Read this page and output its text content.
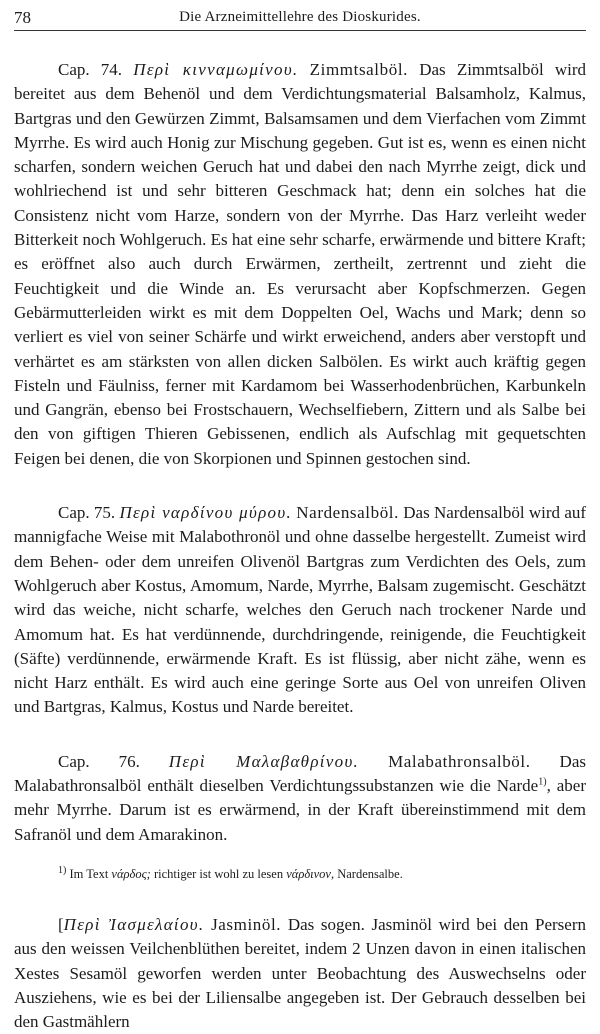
78	Die Arzneimittellehre des Dioskurides.

Cap. 74. Περὶ κινναμωμίνου. Zimmtsalböl. Das Zimmtsalböl wird bereitet aus dem Behenöl und dem Verdichtungsmaterial Balsamholz, Kalmus, Bartgras und den Gewürzen Zimmt, Balsamsamen und dem Vierfachen vom Zimmt Myrrhe. Es wird auch Honig zur Mischung gegeben. Gut ist es, wenn es einen nicht scharfen, sondern weichen Geruch hat und dabei den nach Myrrhe zeigt, dick und wohlriechend ist und sehr bitteren Geschmack hat; denn ein solches hat die Consistenz nicht vom Harze, sondern von der Myrrhe. Das Harz verleiht weder Bitterkeit noch Wohlgeruch. Es hat eine sehr scharfe, erwärmende und bittere Kraft; es eröffnet also auch durch Erwärmen, zertheilt, zertrennt und zieht die Feuchtigkeit und die Winde an. Es verursacht aber Kopfschmerzen. Gegen Gebärmutterleiden wirkt es mit dem Doppelten Oel, Wachs und Mark; denn so verliert es viel von seiner Schärfe und wirkt erweichend, anders aber verstopft und verhärtet es am stärksten von allen dicken Salbölen. Es wirkt auch kräftig gegen Fisteln und Fäulniss, ferner mit Kardamom bei Wasserhodenbrüchen, Karbunkeln und Gangrän, ebenso bei Frostschauern, Wechselfiebern, Zittern und als Salbe bei den von giftigen Thieren Gebissenen, endlich als Aufschlag mit gequetschten Feigen bei denen, die von Skorpionen und Spinnen gestochen sind.

Cap. 75. Περὶ ναρδίνου μύρου. Nardensalböl. Das Nardensalböl wird auf mannigfache Weise mit Malabothronöl und ohne dasselbe hergestellt. Zumeist wird dem Behen- oder dem unreifen Olivenöl Bartgras zum Verdichten des Oels, zum Wohlgeruch aber Kostus, Amomum, Narde, Myrrhe, Balsam zugemischt. Geschätzt wird das weiche, nicht scharfe, welches den Geruch nach trockener Narde und Amomum hat. Es hat verdünnende, durchdringende, reinigende, die Feuchtigkeit (Säfte) verdünnende, erwärmende Kraft. Es ist flüssig, aber nicht zähe, wenn es nicht Harz enthält. Es wird auch eine geringe Sorte aus Oel von unreifen Oliven und Bartgras, Kalmus, Kostus und Narde bereitet.

Cap. 76. Περὶ Μαλαβαθρίνου. Malabathronsalböl. Das Malabathronsalböl enthält dieselben Verdichtungssubstanzen wie die Narde$^{1)}$, aber mehr Myrrhe. Darum ist es erwärmend, in der Kraft übereinstimmend mit dem Safranöl und dem Amarakinon.

$^{1)}$ Im Text νάρδος; richtiger ist wohl zu lesen νάρδινον, Nardensalbe.

[Περὶ Ἰασμελαίου. Jasminöl. Das sogen. Jasminöl wird bei den Persern aus den weissen Veilchenblüthen bereitet, indem 2 Unzen davon in einen italischen Xestes Sesamöl geworfen werden unter Beobachtung des Auswechselns oder Ausziehens, wie es bei der Liliensalbe angegeben ist. Der Gebrauch desselben bei den Gastmählern
